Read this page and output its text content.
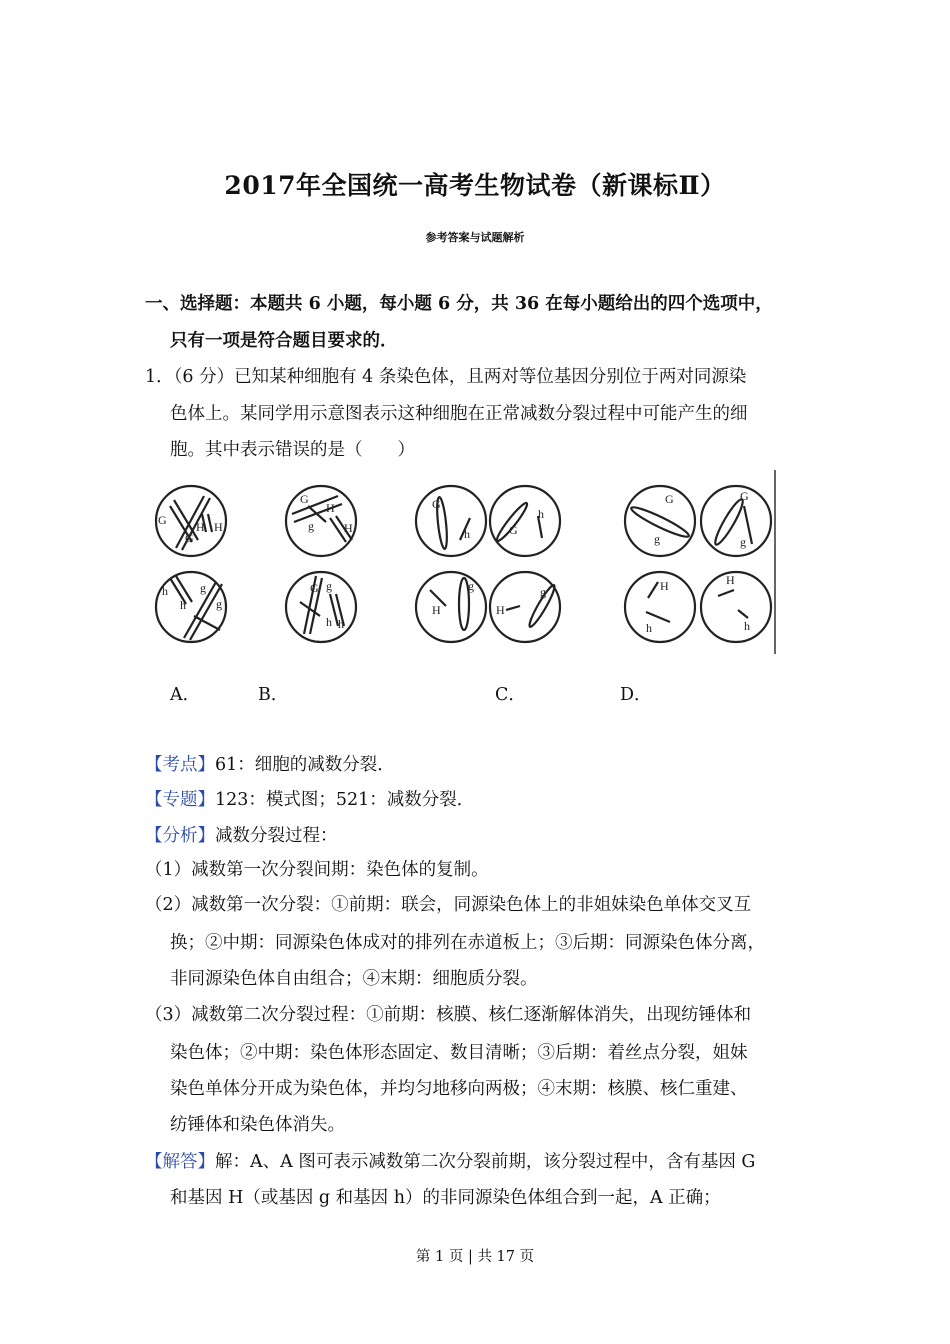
2017年全国统一高考生物试卷（新课标Ⅱ）
参考答案与试题解析
一、选择题：本题共 6 小题，每小题 6 分，共 36 在每小题给出的四个选项中，
只有一项是符合题目要求的．
1．（6 分）已知某种细胞有 4 条染色体，且两对等位基因分别位于两对同源染
色体上。某同学用示意图表示这种细胞在正常减数分裂过程中可能产生的细
胞。其中表示错误的是（　　）
G
G
H H
h
h
g
g
G
g
H
H
G g
h h
G
h	G
h
g
H
g
H
G
g
G
g
H
h
H
h
A．	B．	C．	D．
【考点】61：细胞的减数分裂．
【专题】123：模式图；521：减数分裂．
【分析】减数分裂过程：
（1）减数第一次分裂间期：染色体的复制。
（2）减数第一次分裂：①前期：联会，同源染色体上的非姐妹染色单体交叉互
换；②中期：同源染色体成对的排列在赤道板上；③后期：同源染色体分离，
非同源染色体自由组合；④末期：细胞质分裂。
（3）减数第二次分裂过程：①前期：核膜、核仁逐渐解体消失，出现纺锤体和
染色体；②中期：染色体形态固定、数目清晰；③后期：着丝点分裂，姐妹
染色单体分开成为染色体，并均匀地移向两极；④末期：核膜、核仁重建、
纺锤体和染色体消失。
【解答】解：A、A 图可表示减数第二次分裂前期，该分裂过程中，含有基因 G
和基因 H（或基因 g 和基因 h）的非同源染色体组合到一起，A 正确；
第 1 页 | 共 17 页
